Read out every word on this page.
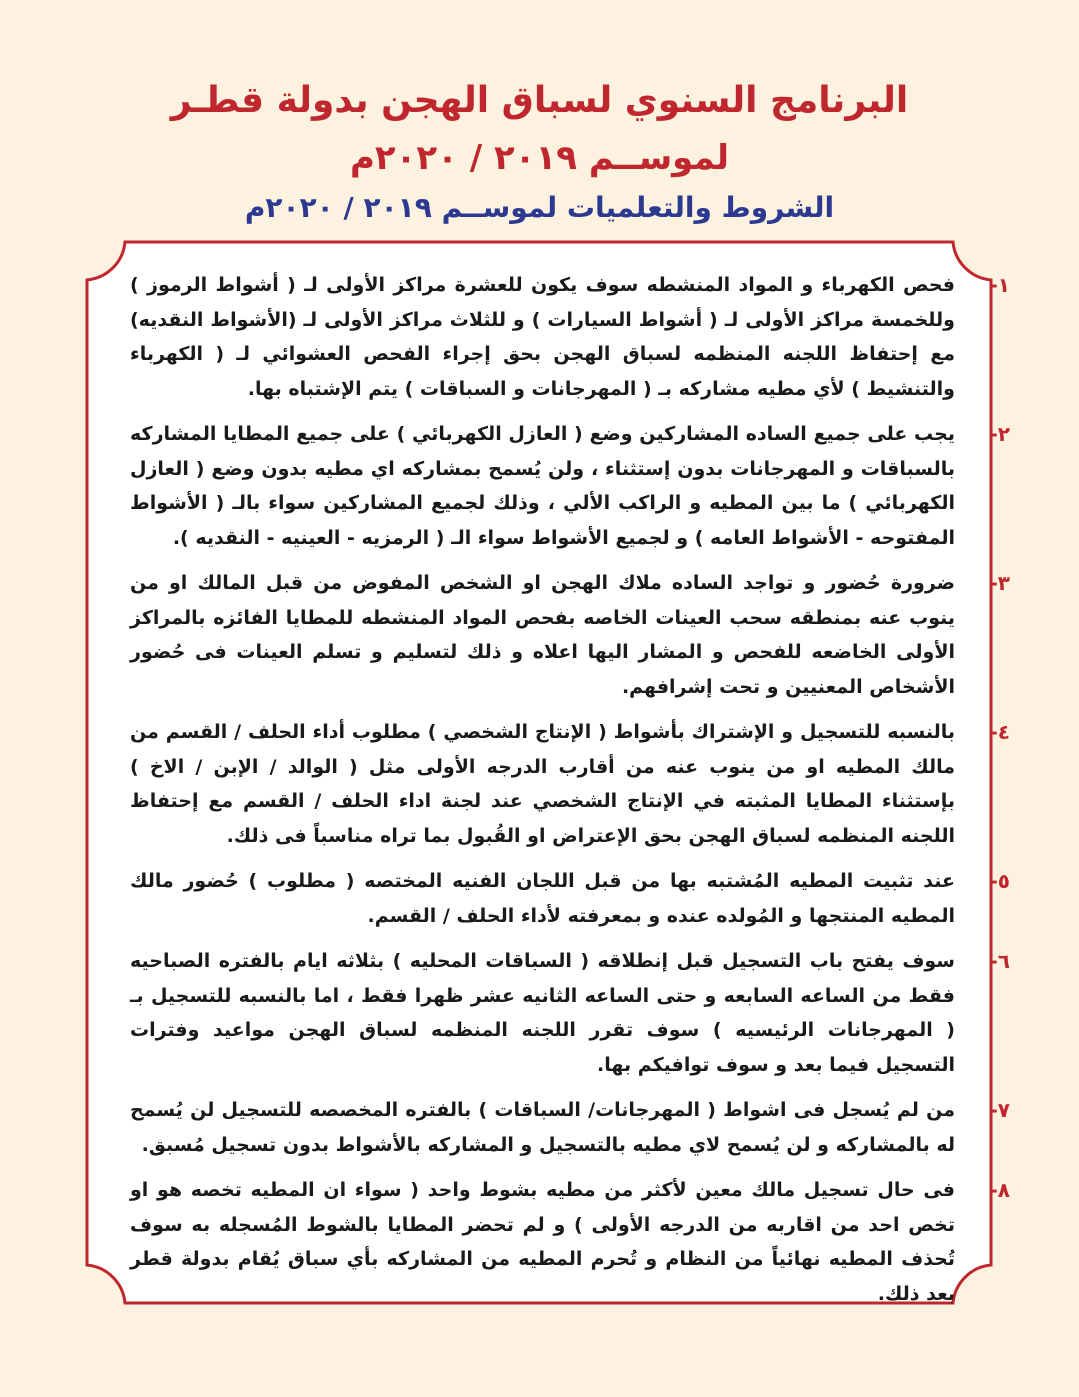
البرنامج السنوي لسباق الهجن بدولة قطـر

لموســم ٢٠١٩ / ٢٠٢٠م

الشروط والتعلميات لموســم ٢٠١٩ / ٢٠٢٠م

١-

فحص الكهرباء و المواد المنشطه سوف يكون للعشرة مراكز الأولى لـ ( أشواط الرموز ) وللخمسة مراكز الأولى لـ ( أشواط السيارات ) و للثلاث مراكز الأولى لـ (الأشواط النقديه) مع إحتفاظ اللجنه المنظمه لسباق الهجن بحق إجراء الفحص العشوائي لـ ( الكهرباء والتنشيط ) لأي مطيه مشاركه بـ ( المهرجانات و السباقات ) يتم الإشتباه بها.

٢-

يجب على جميع الساده المشاركين وضع ( العازل الكهربائي ) على جميع المطايا المشاركه بالسباقات و المهرجانات بدون إستثناء ، ولن يُسمح بمشاركه اي مطيه بدون وضع ( العازل الكهربائي ) ما بين المطيه و الراكب الألي ، وذلك لجميع المشاركين سواء بالـ ( الأشواط المفتوحه - الأشواط العامه ) و لجميع الأشواط سواء الـ ( الرمزيه - العينيه - النقديه ).

٣-

ضرورة حُضور و تواجد الساده ملاك الهجن او الشخص المفوض من قبل المالك او من ينوب عنه بمنطقه سحب العينات الخاصه بفحص المواد المنشطه للمطايا الفائزه بالمراكز الأولى الخاضعه للفحص و المشار اليها اعلاه و ذلك لتسليم و تسلم العينات فى حُضور الأشخاص المعنيين و تحت إشرافهم.

٤-

بالنسبه للتسجيل و الإشتراك بأشواط ( الإنتاج الشخصي ) مطلوب أداء الحلف / القسم من مالك المطيه او من ينوب عنه من أقارب الدرجه الأولى مثل ( الوالد / الإبن / الاخ ) بإستثناء المطايا المثبته في الإنتاج الشخصي عند لجنة اداء الحلف / القسم مع إحتفاظ اللجنه المنظمه لسباق الهجن بحق الإعتراض او القُبول بما تراه مناسباً فى ذلك.

٥-

عند تثبيت المطيه المُشتبه بها من قبل اللجان الفنيه المختصه ( مطلوب ) حُضور مالك المطيه المنتجها و المُولده عنده و بمعرفته لأداء الحلف / القسم.

٦-

سوف يفتح باب التسجيل قبل إنطلاقه ( السباقات المحليه ) بثلاثه ايام بالفتره الصباحيه فقط من الساعه السابعه و حتى الساعه الثانيه عشر ظهرا فقط ، اما بالنسبه للتسجيل بـ ( المهرجانات الرئيسيه ) سوف تقرر اللجنه المنظمه لسباق الهجن مواعيد وفترات التسجيل فيما بعد و سوف توافيكم بها.

٧-

من لم يُسجل فى اشواط ( المهرجانات/ السباقات ) بالفتره المخصصه للتسجيل لن يُسمح له بالمشاركه و لن يُسمح لاي مطيه بالتسجيل و المشاركه بالأشواط بدون تسجيل مُسبق.

٨-

فى حال تسجيل مالك معين لأكثر من مطيه بشوط واحد ( سواء ان المطيه تخصه هو او تخص احد من اقاربه من الدرجه الأولى ) و لم تحضر المطايا بالشوط المُسجله به سوف تُحذف المطيه نهائياً من النظام و تُحرم المطيه من المشاركه بأي سباق يُقام بدولة قطر بعد ذلك.
